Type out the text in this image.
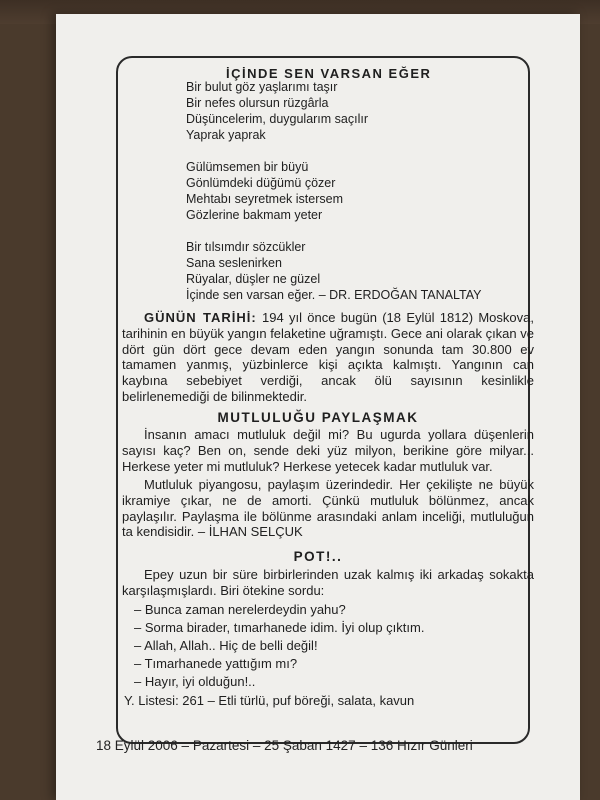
İÇİNDE SEN VARSAN EĞER
Bir bulut göz yaşlarımı taşır
Bir nefes olursun rüzgârla
Düşüncelerim, duygularım saçılır
Yaprak yaprak
Gülümsemen bir büyü
Gönlümdeki düğümü çözer
Mehtabı seyretmek istersem
Gözlerine bakmam yeter
Bir tılsımdır sözcükler
Sana seslenirken
Rüyalar, düşler ne güzel
İçinde sen varsan eğer. – DR. ERDOĞAN TANALTAY
GÜNÜN TARİHİ: 194 yıl önce bugün (18 Eylül 1812) Moskova, tarihinin en büyük yangın felaketine uğramıştı. Gece ani olarak çıkan ve dört gün dört gece devam eden yangın sonunda tam 30.800 ev tamamen yanmış, yüzbinlerce kişi açıkta kalmıştı. Yangının can kaybına sebebiyet verdiği, ancak ölü sayısının kesinlikle belirlenemediği de bilinmektedir.
MUTLULUĞU PAYLAŞMAK
İnsanın amacı mutluluk değil mi? Bu ugurda yollara düşenlerin sayısı kaç? Ben on, sende deki yüz milyon, berikine göre milyar... Herkese yeter mi mutluluk? Herkese yetecek kadar mutluluk var.
Mutluluk piyangosu, paylaşım üzerindedir. Her çekilişte ne büyük ikramiye çıkar, ne de amorti. Çünkü mutluluk bölünmez, ancak paylaşılır. Paylaşma ile bölünme arasındaki anlam inceliği, mutluluğun ta kendisidir. – İLHAN SELÇUK
POT!..
Epey uzun bir süre birbirlerinden uzak kalmış iki arkadaş sokakta karşılaşmışlardı. Biri ötekine sordu:
– Bunca zaman nerelerdeydin yahu?
– Sorma birader, tımarhanede idim. İyi olup çıktım.
– Allah, Allah.. Hiç de belli değil!
– Tımarhanede yattığım mı?
– Hayır, iyi olduğun!..
Y. Listesi: 261 – Etli türlü, puf böreği, salata, kavun
18 Eylül 2006 – Pazartesi – 25 Şaban 1427 – 136 Hızır Günleri
